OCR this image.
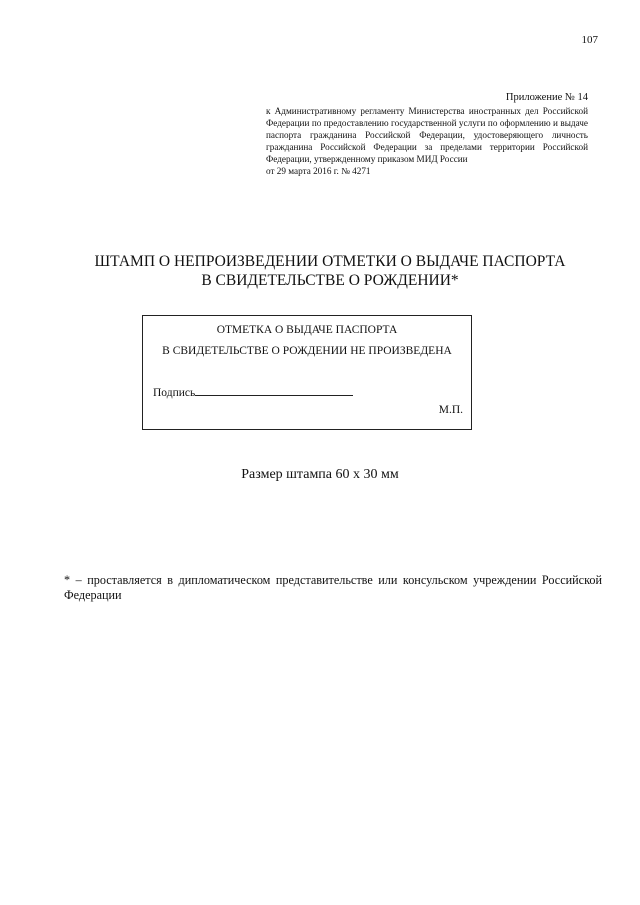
107
Приложение № 14
к Административному регламенту Министерства иностранных дел Российской Федерации по предоставлению государственной услуги по оформлению и выдаче паспорта гражданина Российской Федерации, удостоверяющего личность гражданина Российской Федерации за пределами территории Российской Федерации, утвержденному приказом МИД России
от 29 марта 2016 г. № 4271
ШТАМП О НЕПРОИЗВЕДЕНИИ ОТМЕТКИ О ВЫДАЧЕ ПАСПОРТА
В СВИДЕТЕЛЬСТВЕ О РОЖДЕНИИ*
ОТМЕТКА О ВЫДАЧЕ ПАСПОРТА
В СВИДЕТЕЛЬСТВЕ О РОЖДЕНИИ НЕ ПРОИЗВЕДЕНА
Подпись
М.П.
Размер штампа 60 х 30 мм
* – проставляется в дипломатическом представительстве или консульском учреждении Российской Федерации
